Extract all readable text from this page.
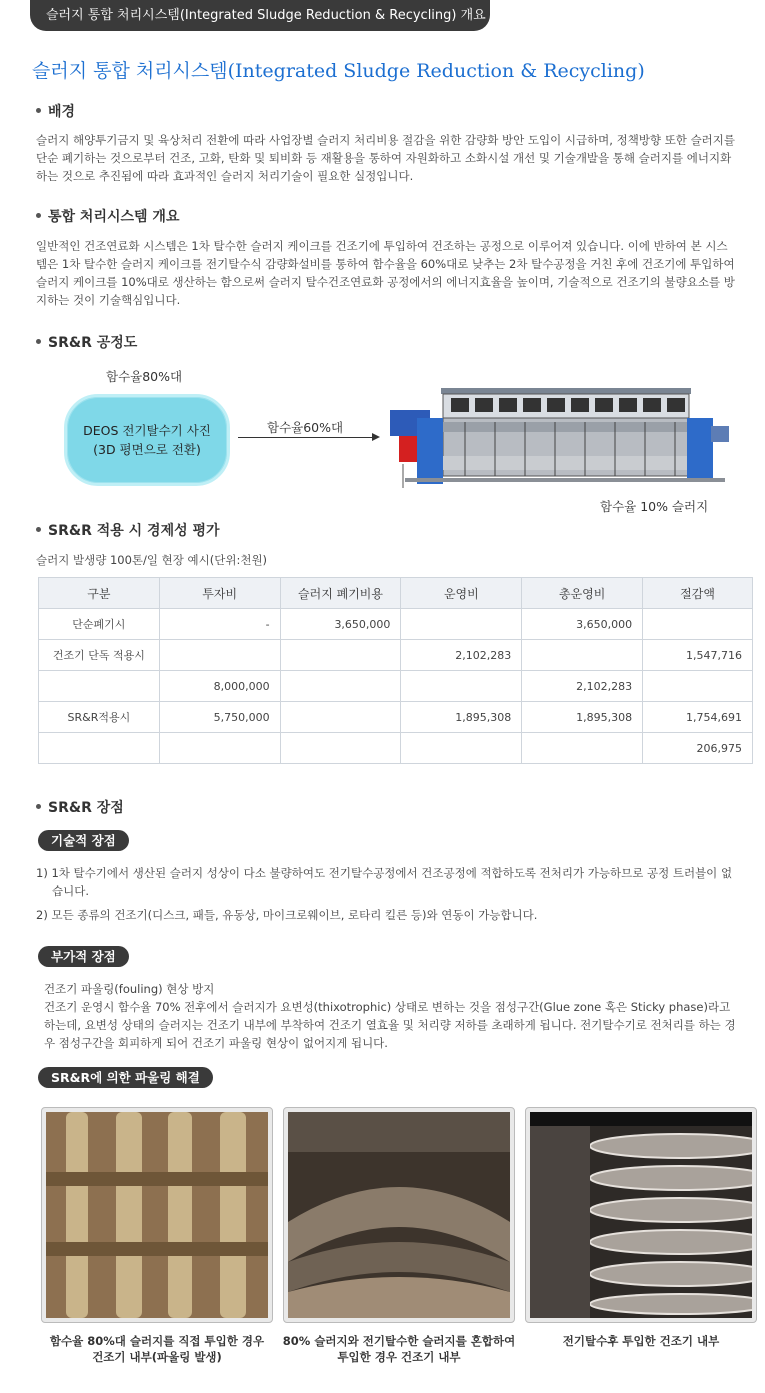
슬러지 통합 처리시스템(Integrated Sludge Reduction & Recycling) 개요
슬러지 통합 처리시스템(Integrated Sludge Reduction & Recycling)
배경
슬러지 해양투기금지 및 육상처리 전환에 따라 사업장별 슬러지 처리비용 절감을 위한 감량화 방안 도입이 시급하며, 정책방향 또한 슬러지를 단순 폐기하는 것으로부터 건조, 고화, 탄화 및 퇴비화 등 재활용을 통하여 자원화하고 소화시설 개선 및 기술개발을 통해 슬러지를 에너지화하는 것으로 추진됨에 따라 효과적인 슬러지 처리기술이 필요한 실정입니다.
통합 처리시스템 개요
일반적인 건조연료화 시스템은 1차 탈수한 슬러지 케이크를 건조기에 투입하여 건조하는 공정으로 이루어져 있습니다. 이에 반하여 본 시스템은 1차 탈수한 슬러지 케이크를 전기탈수식 감량화설비를 통하여 함수율을 60%대로 낮추는 2차 탈수공정을 거친 후에 건조기에 투입하여 슬러지 케이크를 10%대로 생산하는 함으로써 슬러지 탈수건조연료화 공정에서의 에너지효율을 높이며, 기술적으로 건조기의 불량요소를 방지하는 것이 기술핵심입니다.
SR&R 공정도
함수율80%대
DEOS 전기탈수기 사진
(3D 평면으로 전환)
함수율60%대
함수율 10% 슬러지
SR&R 적용 시 경제성 평가
슬러지 발생량 100톤/일 현장 예시(단위:천원)
구분	투자비	슬러지 폐기비용	운영비	총운영비	절감액
단순폐기시	-	3,650,000		3,650,000	
건조기 단독 적용시			2,102,283		1,547,716
	8,000,000			2,102,283	
SR&R적용시	5,750,000		1,895,308	1,895,308	1,754,691
					206,975
SR&R 장점
기술적 장점
1) 1차 탈수기에서 생산된 슬러지 성상이 다소 불량하여도 전기탈수공정에서 건조공정에 적합하도록 전처리가 가능하므로 공정 트러블이 없습니다.
2) 모든 종류의 건조기(디스크, 패들, 유동상, 마이크로웨이브, 로타리 킬른 등)와 연동이 가능합니다.
부가적 장점
건조기 파울링(fouling) 현상 방지
건조기 운영시 함수율 70% 전후에서 슬러지가 요변성(thixotrophic) 상태로 변하는 것을 점성구간(Glue zone 혹은 Sticky phase)라고 하는데, 요변성 상태의 슬러지는 건조기 내부에 부착하여 건조기 열효율 및 처리량 저하를 초래하게 됩니다. 전기탈수기로 전처리를 하는 경우 점성구간을 회피하게 되어 건조기 파울링 현상이 없어지게 됩니다.
SR&R에 의한 파울링 해결
함수율 80%대 슬러지를 직접 투입한 경우
건조기 내부(파울링 발생)
80% 슬러지와 전기탈수한 슬러지를 혼합하여
투입한 경우 건조기 내부
전기탈수후 투입한 건조기 내부
